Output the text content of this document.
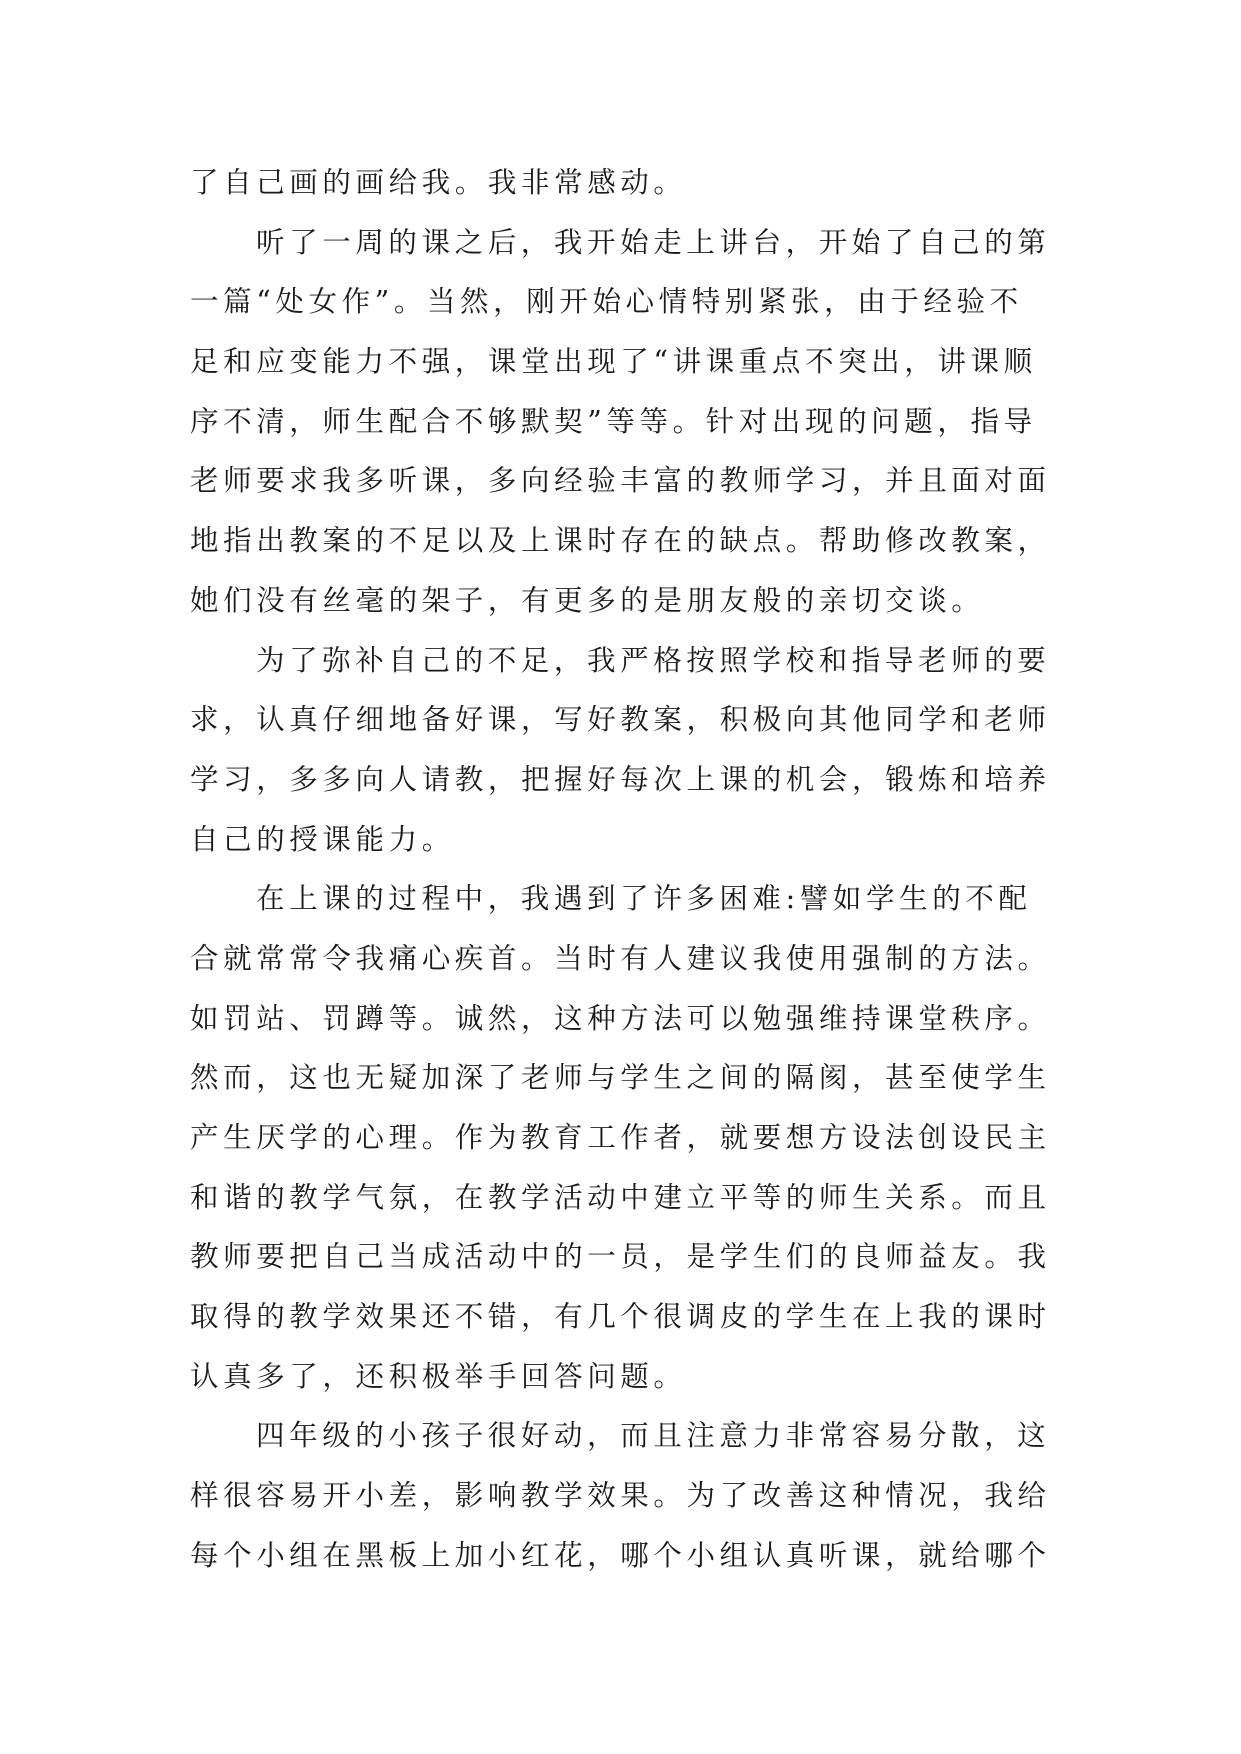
了自己画的画给我。我非常感动。
听了一周的课之后，我开始走上讲台，开始了自己的第
一篇“处女作”。当然，刚开始心情特别紧张，由于经验不
足和应变能力不强，课堂出现了“讲课重点不突出，讲课顺
序不清，师生配合不够默契”等等。针对出现的问题，指导
老师要求我多听课，多向经验丰富的教师学习，并且面对面
地指出教案的不足以及上课时存在的缺点。帮助修改教案，
她们没有丝毫的架子，有更多的是朋友般的亲切交谈。
为了弥补自己的不足，我严格按照学校和指导老师的要
求，认真仔细地备好课，写好教案，积极向其他同学和老师
学习，多多向人请教，把握好每次上课的机会，锻炼和培养
自己的授课能力。
在上课的过程中，我遇到了许多困难:譬如学生的不配
合就常常令我痛心疾首。当时有人建议我使用强制的方法。
如罚站、罚蹲等。诚然，这种方法可以勉强维持课堂秩序。
然而，这也无疑加深了老师与学生之间的隔阂，甚至使学生
产生厌学的心理。作为教育工作者，就要想方设法创设民主
和谐的教学气氛，在教学活动中建立平等的师生关系。而且
教师要把自己当成活动中的一员，是学生们的良师益友。我
取得的教学效果还不错，有几个很调皮的学生在上我的课时
认真多了，还积极举手回答问题。
四年级的小孩子很好动，而且注意力非常容易分散，这
样很容易开小差，影响教学效果。为了改善这种情况，我给
每个小组在黑板上加小红花，哪个小组认真听课，就给哪个
